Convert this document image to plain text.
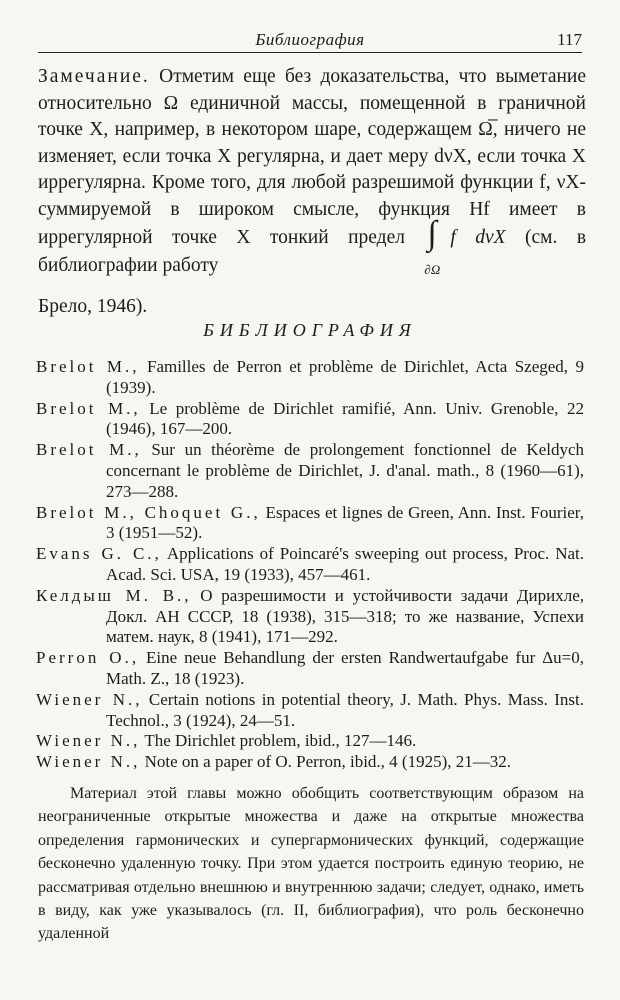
Библиография	117

Замечание. Отметим еще без доказательства, что выметание относительно Ω единичной массы, помещенной в граничной точке X, например, в некотором шаре, содержащем Ω̅, ничего не изменяет, если точка X регулярна, и дает меру dνX, если точка X иррегулярна. Кроме того, для любой разрешимой функции f, νX-суммируемой в широком смысле, функция Hf имеет в иррегулярной точке X тонкий предел ∫
∂Ω
f dνX (см. в библиографии работу

Брело, 1946).

БИБЛИОГРАФИЯ

Brelot M., Familles de Perron et problème de Dirichlet, Acta Szeged, 9 (1939).

Brelot M., Le problème de Dirichlet ramifié, Ann. Univ. Grenoble, 22 (1946), 167—200.

Brelot M., Sur un théorème de prolongement fonctionnel de Keldych concernant le problème de Dirichlet, J. d'anal. math., 8 (1960—61), 273—288.

Brelot M., Choquet G., Espaces et lignes de Green, Ann. Inst. Fourier, 3 (1951—52).

Evans G. C., Applications of Poincaré's sweeping out process, Proc. Nat. Acad. Sci. USA, 19 (1933), 457—461.

Келдыш М. В., О разрешимости и устойчивости задачи Дирихле, Докл. АН СССР, 18 (1938), 315—318; то же название, Успехи матем. наук, 8 (1941), 171—292.

Perron O., Eine neue Behandlung der ersten Randwertaufgabe fur Δu=0, Math. Z., 18 (1923).

Wiener N., Certain notions in potential theory, J. Math. Phys. Mass. Inst. Technol., 3 (1924), 24—51.

Wiener N., The Dirichlet problem, ibid., 127—146.

Wiener N., Note on a paper of O. Perron, ibid., 4 (1925), 21—32.

Материал этой главы можно обобщить соответствующим образом на неограниченные открытые множества и даже на открытые множества определения гармонических и супергармонических функций, содержащие бесконечно удаленную точку. При этом удается построить единую теорию, не рассматривая отдельно внешнюю и внутреннюю задачи; следует, однако, иметь в виду, как уже указывалось (гл. II, библиография), что роль бесконечно удаленной
